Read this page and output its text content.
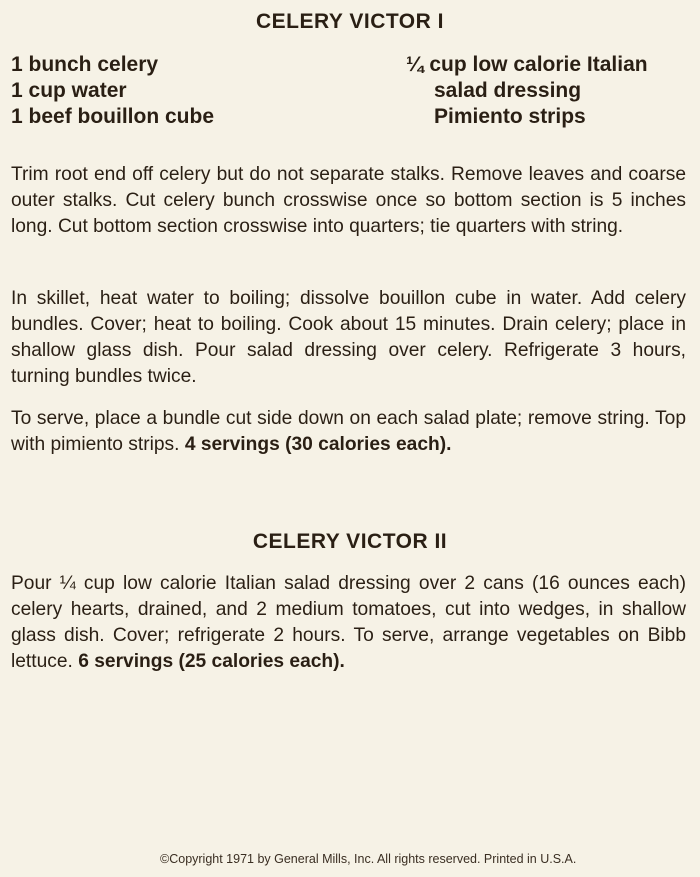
CELERY VICTOR I
1 bunch celery
1 cup water
1 beef bouillon cube
¼ cup low calorie Italian
salad dressing
Pimiento strips
Trim root end off celery but do not separate stalks. Remove leaves and coarse outer stalks. Cut celery bunch crosswise once so bottom section is 5 inches long. Cut bottom section crosswise into quarters; tie quarters with string.
In skillet, heat water to boiling; dissolve bouillon cube in water. Add celery bundles. Cover; heat to boiling. Cook about 15 minutes. Drain celery; place in shallow glass dish. Pour salad dressing over celery. Refrigerate 3 hours, turning bundles twice.
To serve, place a bundle cut side down on each salad plate; remove string. Top with pimiento strips. 4 servings (30 calories each).
CELERY VICTOR II
Pour ¼ cup low calorie Italian salad dressing over 2 cans (16 ounces each) celery hearts, drained, and 2 medium tomatoes, cut into wedges, in shallow glass dish. Cover; refrigerate 2 hours. To serve, arrange vegetables on Bibb lettuce. 6 servings (25 calories each).
©Copyright 1971 by General Mills, Inc. All rights reserved. Printed in U.S.A.
